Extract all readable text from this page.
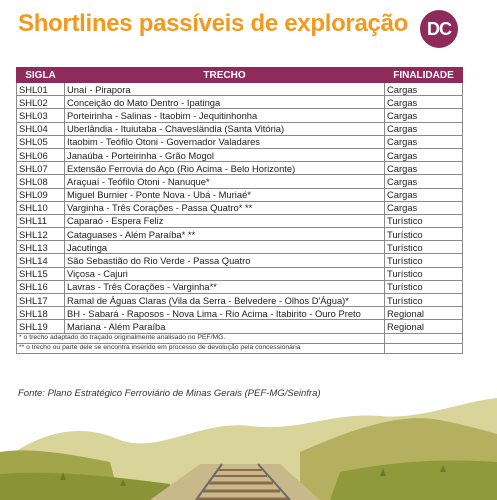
Shortlines passíveis de exploração	DC
SIGLA	TRECHO	FINALIDADE
SHL01	Unaí - Pirapora	Cargas
SHL02	Conceição do Mato Dentro - Ipatinga	Cargas
SHL03	Porteirinha - Salinas - Itaobim - Jequitinhonha	Cargas
SHL04	Uberlândia - Ituiutaba - Chavesländia (Santa Vitória)	Cargas
SHL05	Itaobim - Teófilo Otoni - Governador Valadares	Cargas
SHL06	Janaúba - Porteirinha - Grão Mogol	Cargas
SHL07	Extensão Ferrovia do Aço (Rio Acima - Belo Horizonte)	Cargas
SHL08	Araçuaí - Teófilo Otoni - Nanuque*	Cargas
SHL09	Miguel Burnier - Ponte Nova - Ubá - Muriaé*	Cargas
SHL10	Varginha - Três Corações - Passa Quatro* **	Cargas
SHL11	Caparaó - Espera Feliz	Turístico
SHL12	Cataguases - Além Paraíba* **	Turístico
SHL13	Jacutinga	Turístico
SHL14	São Sebastião do Rio Verde - Passa Quatro	Turístico
SHL15	Viçosa - Cajuri	Turístico
SHL16	Lavras - Três Corações - Varginha**	Turístico
SHL17	Ramal de Águas Claras (Vila da Serra - Belvedere - Olhos D'Água)*	Turístico
SHL18	BH - Sabará - Raposos - Nova Lima - Rio Acima - Itabirito - Ouro Preto	Regional
SHL19	Mariana - Além Paraíba	Regional
* o trecho adaptado do traçado originalmente analisado no PEF/MG.		
** o trecho ou parte dele se encontra inserido em processo de devolução pela concessionária		
Fonte: Plano Estratégico Ferroviário de Minas Gerais (PEF-MG/Seinfra)
